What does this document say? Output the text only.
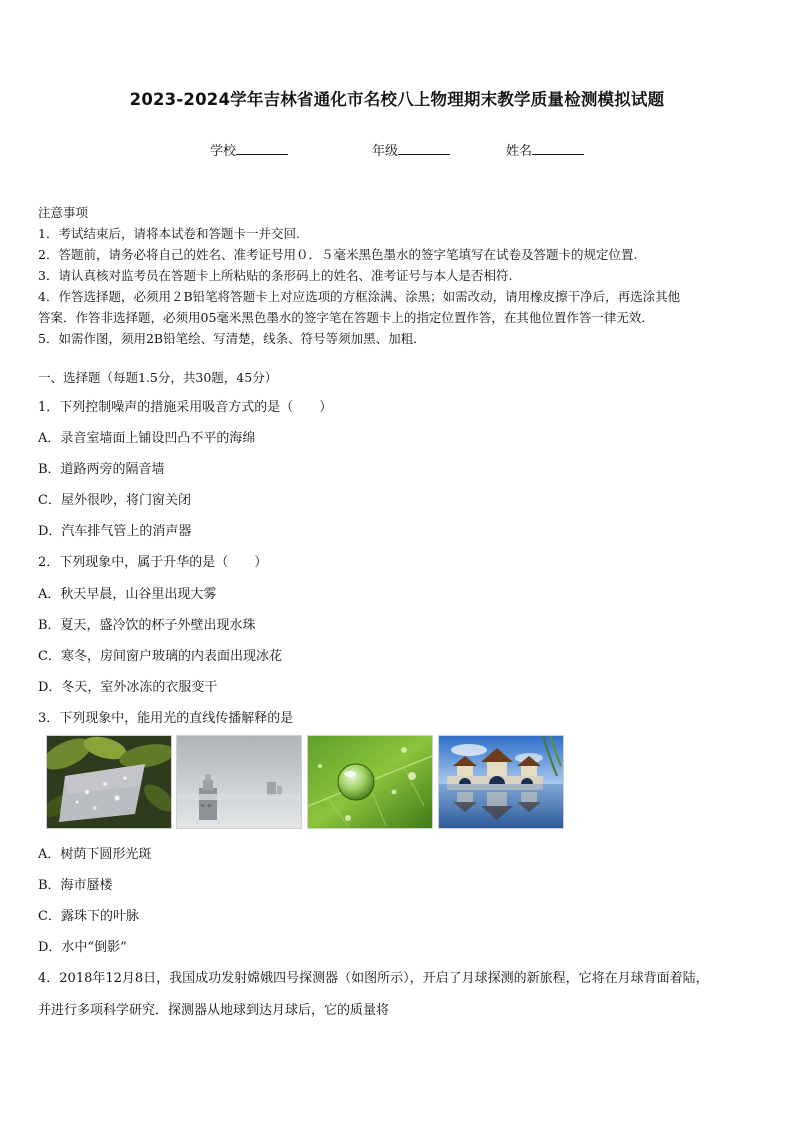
2023-2024学年吉林省通化市名校八上物理期末教学质量检测模拟试题
学校	年级	姓名
注意事项
1．考试结束后，请将本试卷和答题卡一并交回.
2．答题前，请务必将自己的姓名、准考证号用０．５毫米黑色墨水的签字笔填写在试卷及答题卡的规定位置.
3．请认真核对监考员在答题卡上所粘贴的条形码上的姓名、准考证号与本人是否相符.
4．作答选择题，必须用２B铅笔将答题卡上对应选项的方框涂满、涂黑；如需改动，请用橡皮擦干净后，再选涂其他
答案．作答非选择题，必须用05毫米黑色墨水的签字笔在答题卡上的指定位置作答，在其他位置作答一律无效．
5．如需作图，须用2B铅笔绘、写清楚，线条、符号等须加黑、加粗．
一、选择题（每题1.5分，共30题，45分）
1．下列控制噪声的措施采用吸音方式的是（　　）
A．录音室墙面上铺设凹凸不平的海绵
B．道路两旁的隔音墙
C．屋外很吵，将门窗关闭
D．汽车排气管上的消声器
2．下列现象中，属于升华的是（　　）
A．秋天早晨，山谷里出现大雾
B．夏天，盛冷饮的杯子外壁出现水珠
C．寒冬，房间窗户玻璃的内表面出现冰花
D．冬天，室外冰冻的衣服变干
3．下列现象中，能用光的直线传播解释的是
A．树荫下圆形光斑
B．海市蜃楼
C．露珠下的叶脉
D．水中“倒影”
4．2018年12月8日，我国成功发射嫦娥四号探测器（如图所示），开启了月球探测的新旅程，它将在月球背面着陆，
并进行多项科学研究．探测器从地球到达月球后，它的质量将
